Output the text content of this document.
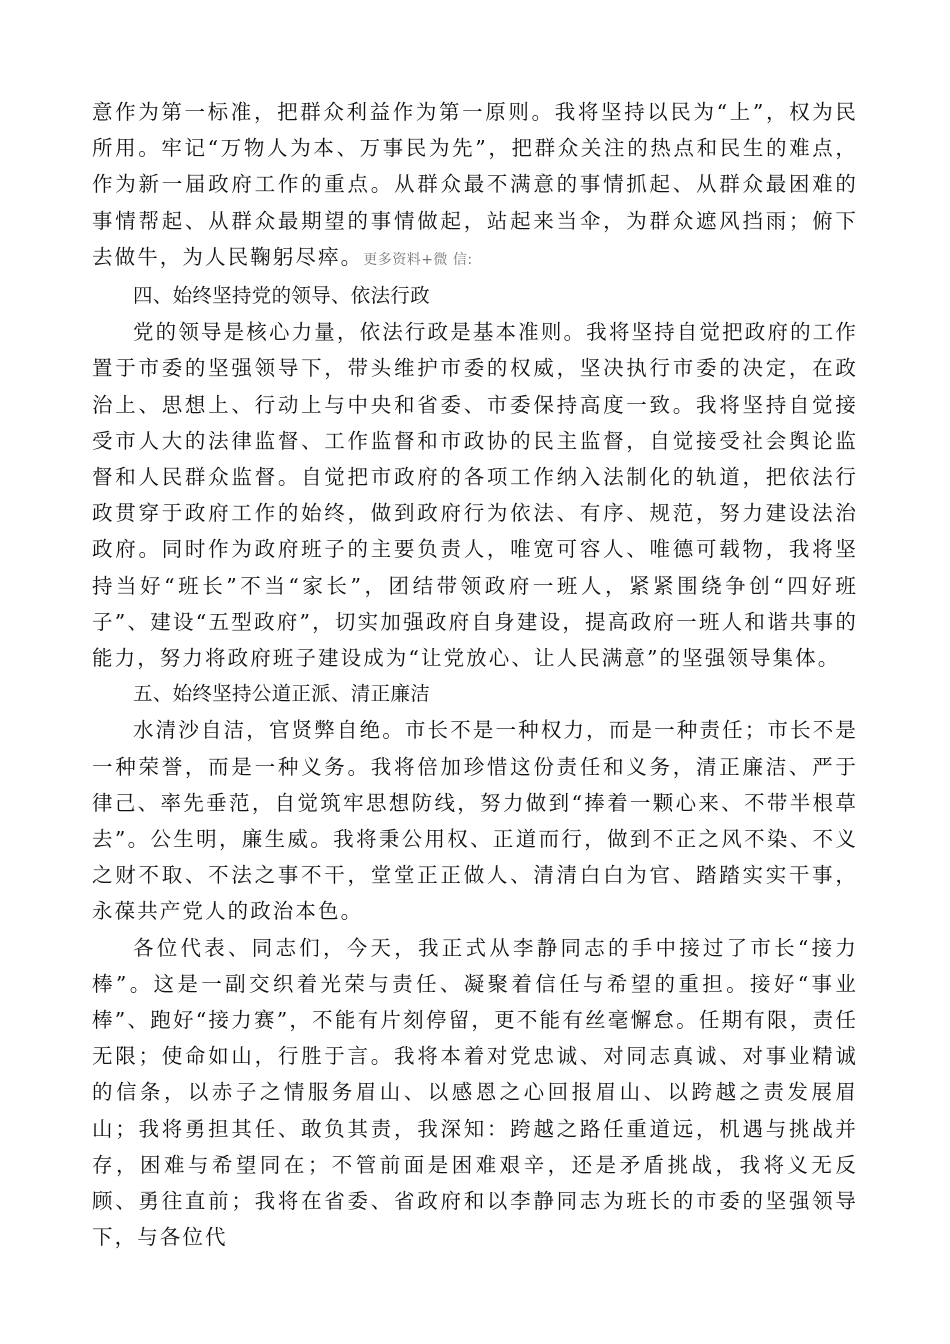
意作为第一标准，把群众利益作为第一原则。我将坚持以民为“上”，权为民所用。牢记“万物人为本、万事民为先”，把群众关注的热点和民生的难点，作为新一届政府工作的重点。从群众最不满意的事情抓起、从群众最困难的事情帮起、从群众最期望的事情做起，站起来当伞，为群众遮风挡雨；俯下去做牛，为人民鞠躬尽瘁。更多资料+微 信:

四、始终坚持党的领导、依法行政

党的领导是核心力量，依法行政是基本准则。我将坚持自觉把政府的工作置于市委的坚强领导下，带头维护市委的权威，坚决执行市委的决定，在政治上、思想上、行动上与中央和省委、市委保持高度一致。我将坚持自觉接受市人大的法律监督、工作监督和市政协的民主监督，自觉接受社会舆论监督和人民群众监督。自觉把市政府的各项工作纳入法制化的轨道，把依法行政贯穿于政府工作的始终，做到政府行为依法、有序、规范，努力建设法治政府。同时作为政府班子的主要负责人，唯宽可容人、唯德可载物，我将坚持当好“班长”不当“家长”，团结带领政府一班人，紧紧围绕争创“四好班子”、建设“五型政府”，切实加强政府自身建设，提高政府一班人和谐共事的能力，努力将政府班子建设成为“让党放心、让人民满意”的坚强领导集体。

五、始终坚持公道正派、清正廉洁

水清沙自洁，官贤弊自绝。市长不是一种权力，而是一种责任；市长不是一种荣誉，而是一种义务。我将倍加珍惜这份责任和义务，清正廉洁、严于律己、率先垂范，自觉筑牢思想防线，努力做到“捧着一颗心来、不带半根草去”。公生明，廉生威。我将秉公用权、正道而行，做到不正之风不染、不义之财不取、不法之事不干，堂堂正正做人、清清白白为官、踏踏实实干事，永葆共产党人的政治本色。

各位代表、同志们，今天，我正式从李静同志的手中接过了市长“接力棒”。这是一副交织着光荣与责任、凝聚着信任与希望的重担。接好“事业棒”、跑好“接力赛”，不能有片刻停留，更不能有丝毫懈怠。任期有限，责任无限；使命如山，行胜于言。我将本着对党忠诚、对同志真诚、对事业精诚的信条，以赤子之情服务眉山、以感恩之心回报眉山、以跨越之责发展眉山；我将勇担其任、敢负其责，我深知：跨越之路任重道远，机遇与挑战并存，困难与希望同在；不管前面是困难艰辛，还是矛盾挑战，我将义无反顾、勇往直前；我将在省委、省政府和以李静同志为班长的市委的坚强领导下，与各位代
